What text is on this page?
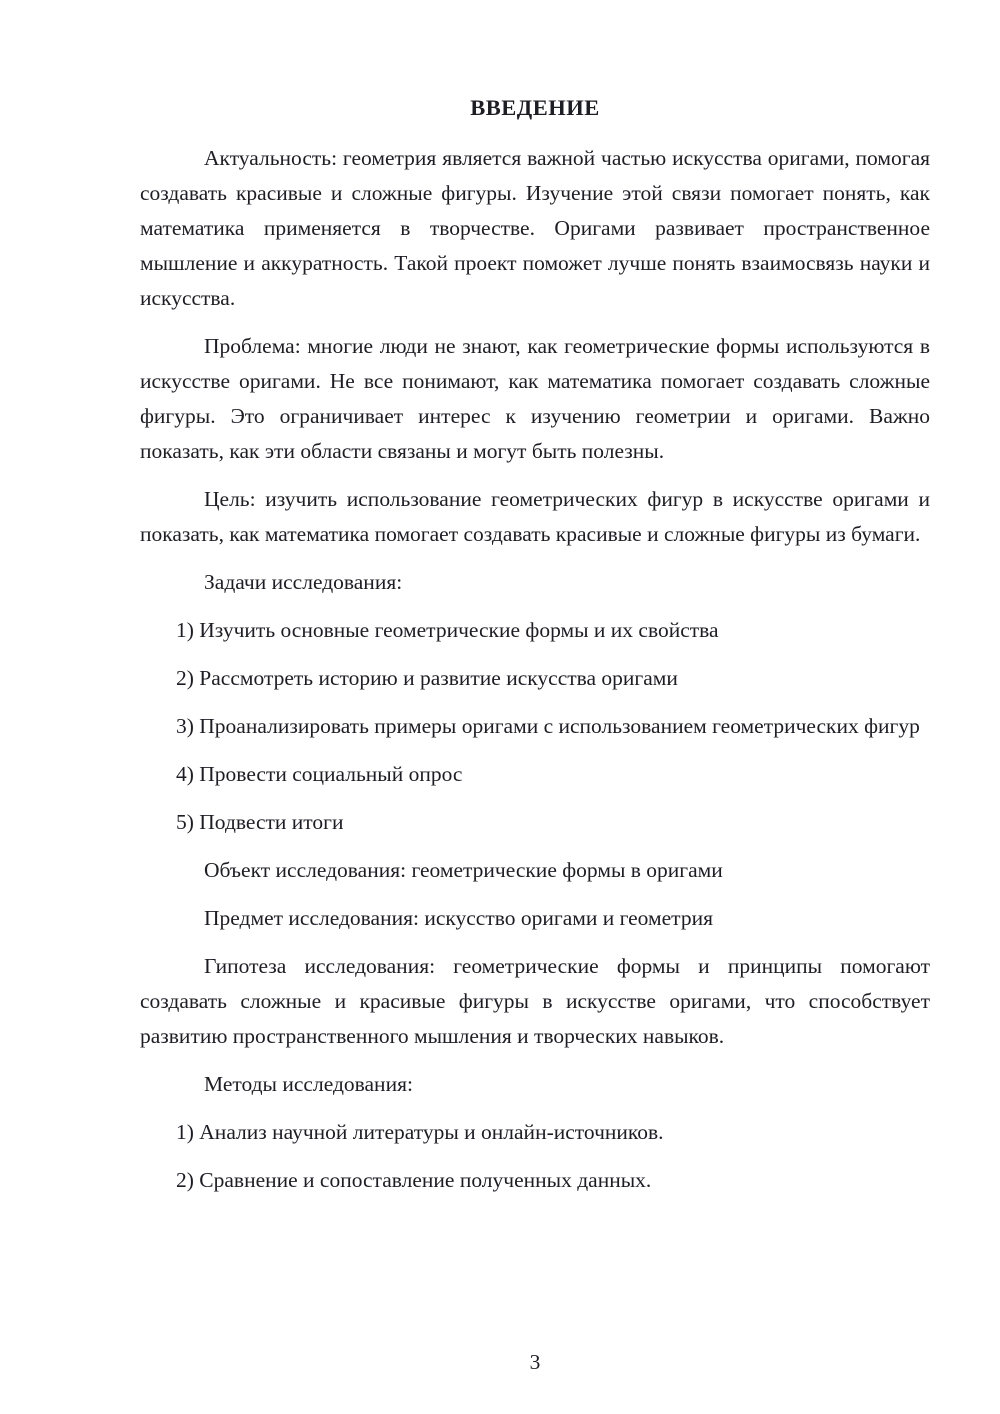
ВВЕДЕНИЕ

Актуальность: геометрия является важной частью искусства оригами, помогая создавать красивые и сложные фигуры. Изучение этой связи помогает понять, как математика применяется в творчестве. Оригами развивает пространственное мышление и аккуратность. Такой проект поможет лучше понять взаимосвязь науки и искусства.

Проблема: многие люди не знают, как геометрические формы используются в искусстве оригами. Не все понимают, как математика помогает создавать сложные фигуры. Это ограничивает интерес к изучению геометрии и оригами. Важно показать, как эти области связаны и могут быть полезны.

Цель: изучить использование геометрических фигур в искусстве оригами и показать, как математика помогает создавать красивые и сложные фигуры из бумаги.

Задачи исследования:

1) Изучить основные геометрические формы и их свойства

2) Рассмотреть историю и развитие искусства оригами

3) Проанализировать примеры оригами с использованием геометрических фигур

4) Провести социальный опрос

5) Подвести итоги

Объект исследования: геометрические формы в оригами

Предмет исследования: искусство оригами и геометрия

Гипотеза исследования: геометрические формы и принципы помогают создавать сложные и красивые фигуры в искусстве оригами, что способствует развитию пространственного мышления и творческих навыков.

Методы исследования:

1) Анализ научной литературы и онлайн-источников.

2) Сравнение и сопоставление полученных данных.

3
